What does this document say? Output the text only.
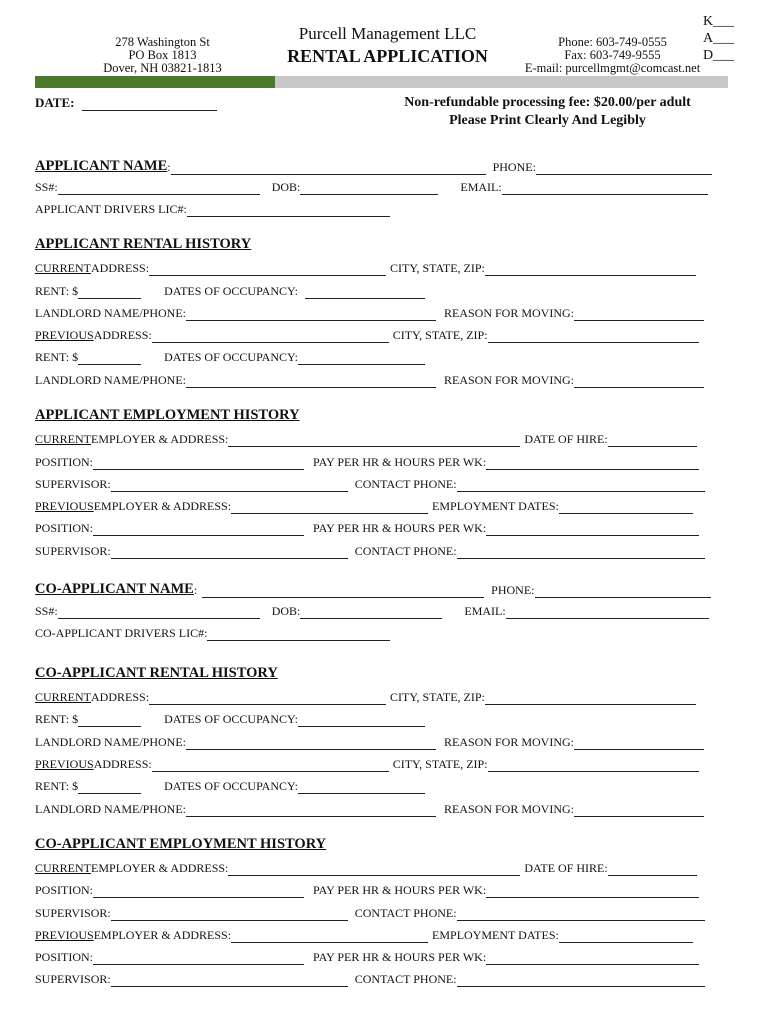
278 Washington St
PO Box 1813
Dover, NH 03821-1813
Purcell Management LLC
RENTAL APPLICATION
Phone: 603-749-0555
Fax: 603-749-9555
E-mail: purcellmgmt@comcast.net
K___
A___
D___
DATE:	Non-refundable processing fee: $20.00/per adult
Please Print Clearly And Legibly
APPLICANT NAME :	PHONE:
SS#:	DOB:	EMAIL:
APPLICANT DRIVERS LIC#:
APPLICANT RENTAL HISTORY
CURRENT ADDRESS:	CITY, STATE, ZIP:
RENT: $	DATES OF OCCUPANCY:
LANDLORD NAME/PHONE:	REASON FOR MOVING:
PREVIOUS ADDRESS:	CITY, STATE, ZIP:
RENT: $	DATES OF OCCUPANCY:
LANDLORD NAME/PHONE:	REASON FOR MOVING:
APPLICANT EMPLOYMENT HISTORY
CURRENT EMPLOYER & ADDRESS:	DATE OF HIRE:
POSITION:	PAY PER HR & HOURS PER WK:
SUPERVISOR:	CONTACT PHONE:
PREVIOUS EMPLOYER & ADDRESS:	EMPLOYMENT DATES:
POSITION:	PAY PER HR & HOURS PER WK:
SUPERVISOR:	CONTACT PHONE:
CO-APPLICANT NAME :	PHONE:
SS#:	DOB:	EMAIL:
CO-APPLICANT DRIVERS LIC#:
CO-APPLICANT RENTAL HISTORY
CURRENT ADDRESS:	CITY, STATE, ZIP:
RENT: $	DATES OF OCCUPANCY:
LANDLORD NAME/PHONE:	REASON FOR MOVING:
PREVIOUS ADDRESS:	CITY, STATE, ZIP:
RENT: $	DATES OF OCCUPANCY:
LANDLORD NAME/PHONE:	REASON FOR MOVING:
CO-APPLICANT EMPLOYMENT HISTORY
CURRENT EMPLOYER & ADDRESS:	DATE OF HIRE:
POSITION:	PAY PER HR & HOURS PER WK:
SUPERVISOR:	CONTACT PHONE:
PREVIOUS EMPLOYER & ADDRESS:	EMPLOYMENT DATES:
POSITION:	PAY PER HR & HOURS PER WK:
SUPERVISOR:	CONTACT PHONE:
